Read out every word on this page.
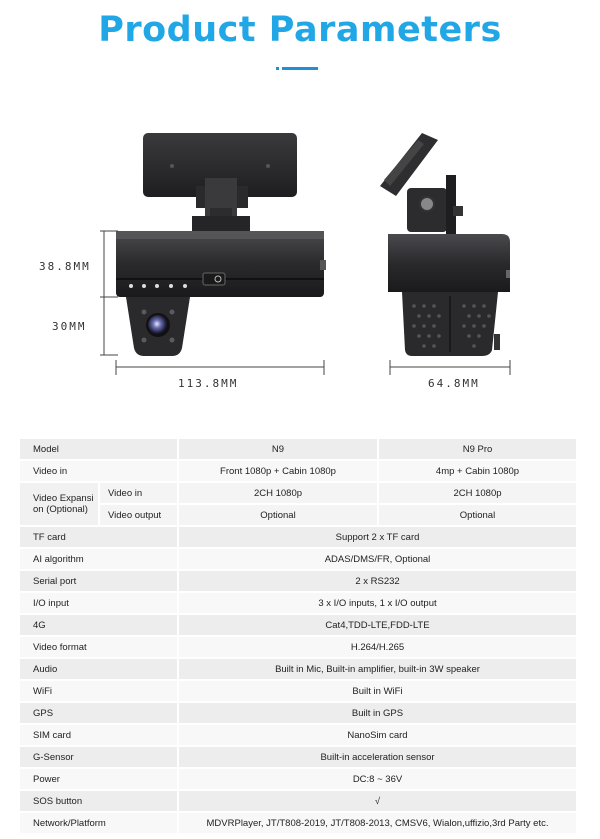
Product Parameters
38.8MM
30MM
113.8MM	64.8MM
Model		N9	N9 Pro
Video in		Front 1080p + Cabin 1080p	4mp + Cabin 1080p
Video Expansi on (Optional)	Video in	2CH 1080p	2CH 1080p
	Video output	Optional	Optional
TF card		Support 2 x TF card	
AI algorithm		ADAS/DMS/FR, Optional	
Serial port		2 x RS232	
I/O input		3 x I/O inputs, 1 x I/O output	
4G		Cat4,TDD-LTE,FDD-LTE	
Video format		H.264/H.265	
Audio		Built in Mic, Built-in amplifier, built-in 3W speaker	
WiFi		Built in WiFi	
GPS		Built in GPS	
SIM card		NanoSim card	
G-Sensor		Built-in acceleration sensor	
Power		DC:8 ~ 36V	
SOS button		√	
Network/Platform		MDVRPlayer, JT/T808-2019, JT/T808-2013, CMSV6, Wialon,uffizio,3rd Party etc.	
